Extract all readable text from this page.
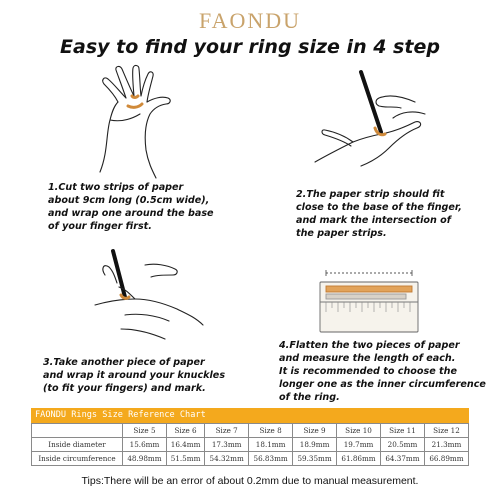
FAONDU
Easy to find your ring size in 4 step
1.Cut two strips of paper
about 9cm long (0.5cm wide),
and wrap one around the base
of your finger first.
2.The paper strip should fit
close to the base of the finger,
and mark the intersection of
the paper strips.
3.Take another piece of paper
and wrap it around your knuckles
(to fit your fingers) and mark.
4.Flatten the two pieces of paper
and measure the length of each.
It is recommended to choose the
longer one as the inner circumference
of the ring.
FAONDU Rings Size Reference Chart
	Size 5	Size 6	Size 7	Size 8	Size 9	Size 10	Size 11	Size 12
Inside diameter	15.6mm	16.4mm	17.3mm	18.1mm	18.9mm	19.7mm	20.5mm	21.3mm
Inside circumference	48.98mm	51.5mm	54.32mm	56.83mm	59.35mm	61.86mm	64.37mm	66.89mm
Tips:There will be an error of about 0.2mm due to manual measurement.
